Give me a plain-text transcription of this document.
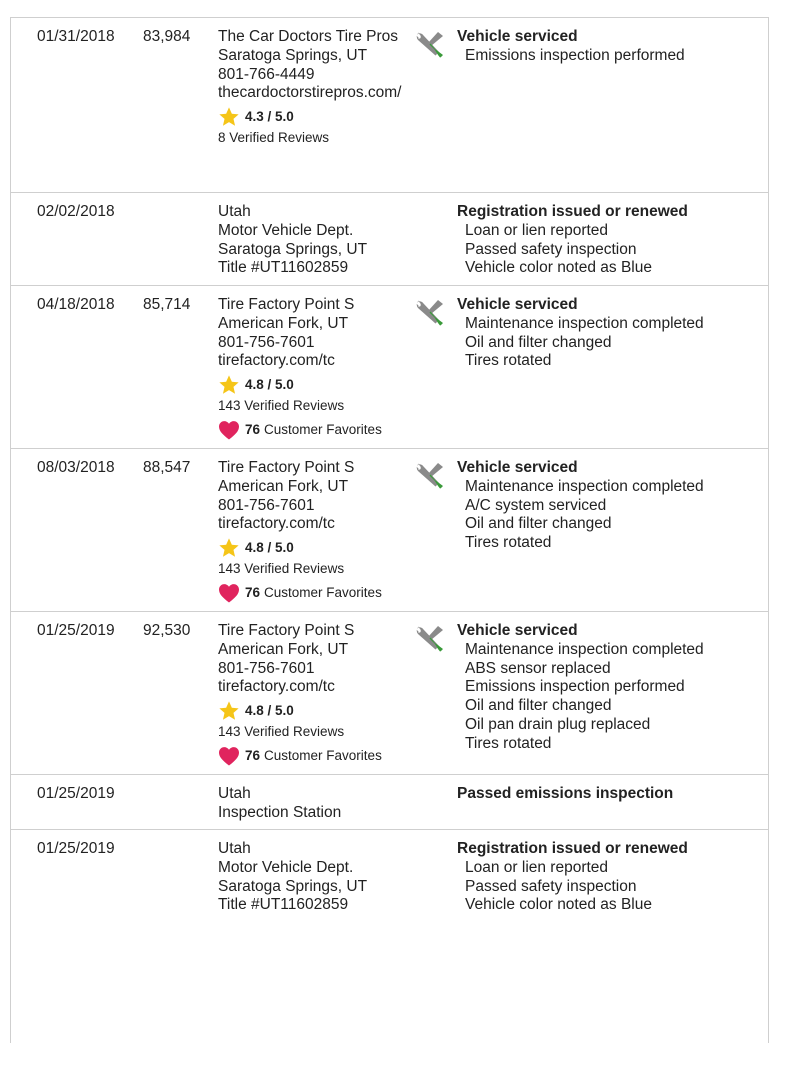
01/31/2018 83,984 The Car Doctors Tire Pros
Saratoga Springs, UT
801-766-4449
thecardoctorstirepros.com/
4.3 / 5.0
8 Verified Reviews
Vehicle serviced
Emissions inspection performed
02/02/2018	Utah
Motor Vehicle Dept.
Saratoga Springs, UT
Title #UT11602859
Registration issued or renewed
Loan or lien reported
Passed safety inspection
Vehicle color noted as Blue
04/18/2018 85,714 Tire Factory Point S
American Fork, UT
801-756-7601
tirefactory.com/tc
4.8 / 5.0
143 Verified Reviews
76 Customer Favorites
Vehicle serviced
Maintenance inspection completed
Oil and filter changed
Tires rotated
08/03/2018 88,547 Tire Factory Point S
American Fork, UT
801-756-7601
tirefactory.com/tc
4.8 / 5.0
143 Verified Reviews
76 Customer Favorites
Vehicle serviced
Maintenance inspection completed
A/C system serviced
Oil and filter changed
Tires rotated
01/25/2019 92,530 Tire Factory Point S
American Fork, UT
801-756-7601
tirefactory.com/tc
4.8 / 5.0
143 Verified Reviews
76 Customer Favorites
Vehicle serviced
Maintenance inspection completed
ABS sensor replaced
Emissions inspection performed
Oil and filter changed
Oil pan drain plug replaced
Tires rotated
01/25/2019	Utah
Inspection Station
Passed emissions inspection
01/25/2019	Utah
Motor Vehicle Dept.
Saratoga Springs, UT
Title #UT11602859
Registration issued or renewed
Loan or lien reported
Passed safety inspection
Vehicle color noted as Blue
